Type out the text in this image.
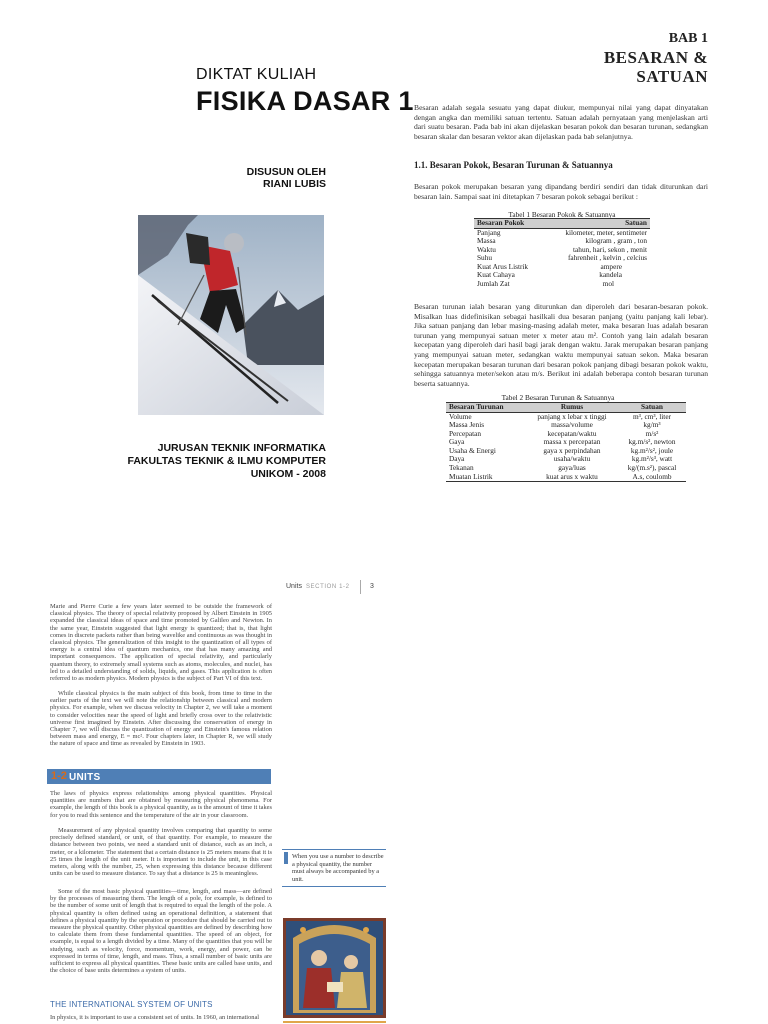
DIKTAT KULIAH
FISIKA DASAR 1
DISUSUN OLEH
RIANI LUBIS
JURUSAN TEKNIK INFORMATIKA
FAKULTAS TEKNIK & ILMU KOMPUTER
UNIKOM - 2008
BAB 1
BESARAN &
SATUAN
Besaran adalah segala sesuatu yang dapat diukur, mempunyai nilai yang dapat dinyatakan dengan angka dan memiliki satuan tertentu. Satuan adalah pernyataan yang menjelaskan arti dari suatu besaran. Pada bab ini akan dijelaskan besaran pokok dan besaran turunan, sedangkan besaran skalar dan besaran vektor akan dijelaskan pada bab selanjutnya.
1.1. Besaran Pokok, Besaran Turunan & Satuannya
Besaran pokok merupakan besaran yang dipandang berdiri sendiri dan tidak diturunkan dari besaran lain. Sampai saat ini ditetapkan 7 besaran pokok sebagai berikut :
Tabel 1 Besaran Pokok & Satuannya
Besaran Pokok	Satuan
Panjang	kilometer, meter, sentimeter
Massa	kilogram , gram , ton
Waktu	tahun, hari, sekon , menit
Suhu	fahrenheit , kelvin , celcius
Kuat Arus Listrik	ampere
Kuat Cahaya	kandela
Jumlah Zat	mol
Besaran turunan ialah besaran yang diturunkan dan diperoleh dari besaran-besaran pokok. Misalkan luas didefinisikan sebagai hasilkali dua besaran panjang (yaitu panjang kali lebar). Jika satuan panjang dan lebar masing-masing adalah meter, maka besaran luas adalah besaran turunan yang mempunyai satuan meter x meter atau m². Contoh yang lain adalah besaran kecepatan yang diperoleh dari hasil bagi jarak dengan waktu. Jarak merupakan besaran panjang yang mempunyai satuan meter, sedangkan waktu mempunyai satuan sekon. Maka besaran kecepatan merupakan besaran turunan dari besaran pokok panjang dibagi besaran pokok waktu, sehingga satuannya meter/sekon atau m/s. Berikut ini adalah beberapa contoh besaran turunan beserta satuannya.
Tabel 2 Besaran Turunan & Satuannya
Besaran Turunan	Rumus	Satuan
Volume	panjang x lebar x tinggi	m³, cm³, liter
Massa Jenis	massa/volume	kg/m³
Percepatan	kecepatan/waktu	m/s²
Gaya	massa x percepatan	kg.m/s², newton
Usaha & Energi	gaya x perpindahan	kg.m²/s², joule
Daya	usaha/waktu	kg.m²/s³, watt
Tekanan	gaya/luas	kg/(m.s²), pascal
Muatan Listrik	kuat arus x waktu	A.s, coulomb
Units SECTION 1-2	3
Marie and Pierre Curie a few years later seemed to be outside the framework of classical physics. The theory of special relativity proposed by Albert Einstein in 1905 expanded the classical ideas of space and time promoted by Galileo and Newton. In the same year, Einstein suggested that light energy is quantized; that is, that light comes in discrete packets rather than being wavelike and continuous as was thought in classical physics. The generalization of this insight to the quantization of all types of energy is a central idea of quantum mechanics, one that has many amazing and important consequences. The application of special relativity, and particularly quantum theory, to extremely small systems such as atoms, molecules, and nuclei, has led to a detailed understanding of solids, liquids, and gases. This application is often referred to as modern physics. Modern physics is the subject of Part VI of this text.
While classical physics is the main subject of this book, from time to time in the earlier parts of the text we will note the relationship between classical and modern physics. For example, when we discuss velocity in Chapter 2, we will take a moment to consider velocities near the speed of light and briefly cross over to the relativistic universe first imagined by Einstein. After discussing the conservation of energy in Chapter 7, we will discuss the quantization of energy and Einstein's famous relation between mass and energy, E = mc². Four chapters later, in Chapter R, we will study the nature of space and time as revealed by Einstein in 1903.
1-2 UNITS
The laws of physics express relationships among physical quantities. Physical quantities are numbers that are obtained by measuring physical phenomena. For example, the length of this book is a physical quantity, as is the amount of time it takes for you to read this sentence and the temperature of the air in your classroom.
Measurement of any physical quantity involves comparing that quantity to some precisely defined standard, or unit, of that quantity. For example, to measure the distance between two points, we need a standard unit of distance, such as an inch, a meter, or a kilometer. The statement that a certain distance is 25 meters means that it is 25 times the length of the unit meter. It is important to include the unit, in this case meters, along with the number, 25, when expressing this distance because different units can be used to measure distance. To say that a distance is 25 is meaningless.
Some of the most basic physical quantities—time, length, and mass—are defined by the processes of measuring them. The length of a pole, for example, is defined to be the number of some unit of length that is required to equal the length of the pole. A physical quantity is often defined using an operational definition, a statement that defines a physical quantity by the operation or procedure that should be carried out to measure the physical quantity. Other physical quantities are defined by describing how to calculate them from these fundamental quantities. The speed of an object, for example, is equal to a length divided by a time. Many of the quantities that you will be studying, such as velocity, force, momentum, work, energy, and power, can be expressed in terms of time, length, and mass. Thus, a small number of basic units are sufficient to express all physical quantities. These basic units are called base units, and the choice of base units determines a system of units.
THE INTERNATIONAL SYSTEM OF UNITS
In physics, it is important to use a consistent set of units. In 1960, an international
When you use a number to describe a physical quantity, the number must always be accompanied by a unit.
